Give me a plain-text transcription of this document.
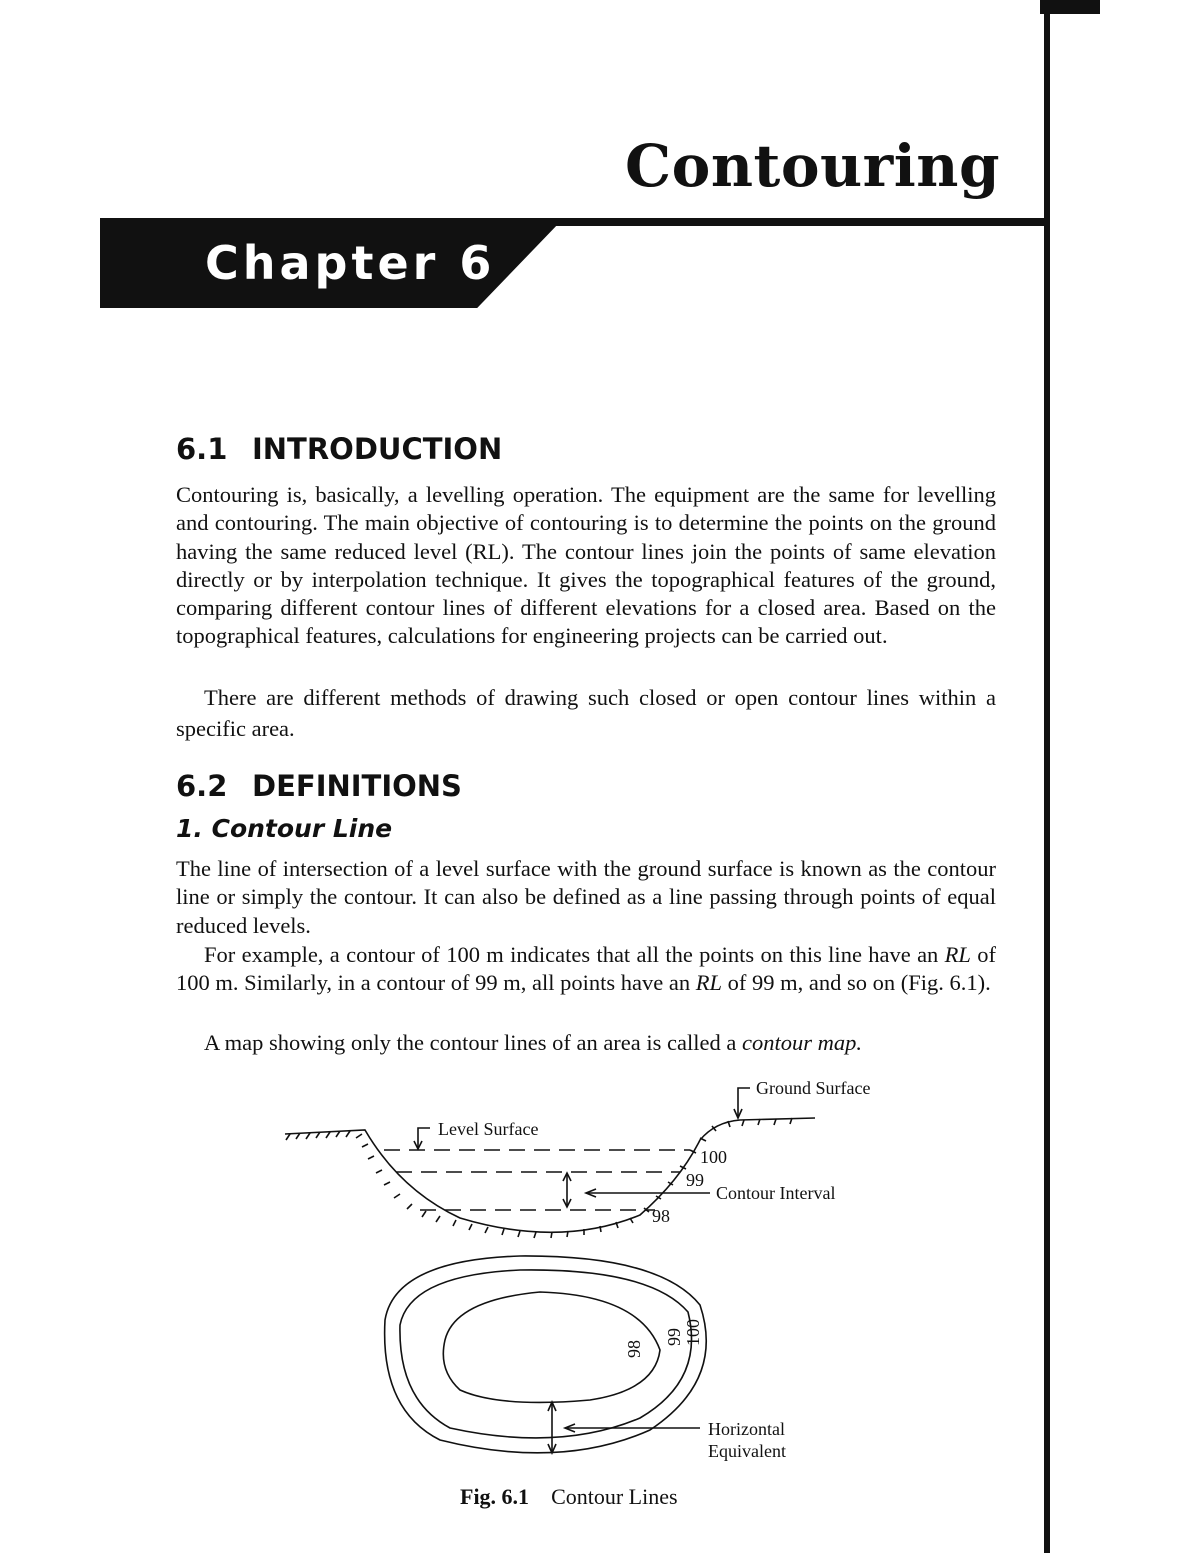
Contouring
Chapter 6
6.1 INTRODUCTION
Contouring is, basically, a levelling operation. The equipment are the same for levelling and contouring. The main objective of contouring is to determine the points on the ground having the same reduced level (RL). The contour lines join the points of same elevation directly or by interpolation technique. It gives the topographical features of the ground, comparing different contour lines of different elevations for a closed area. Based on the topographical features, calculations for engineering projects can be carried out.
There are different methods of drawing such closed or open contour lines within a specific area.
6.2 DEFINITIONS
1. Contour Line
The line of intersection of a level surface with the ground surface is known as the contour line or simply the contour. It can also be defined as a line passing through points of equal reduced levels.
For example, a contour of 100 m indicates that all the points on this line have an RL of 100 m. Similarly, in a contour of 99 m, all points have an RL of 99 m, and so on (Fig. 6.1).
A map showing only the contour lines of an area is called a contour map.
Ground Surface
Level Surface
100
99
98
Contour Interval
Horizontal
Equivalent
100
99
98
Fig. 6.1 Contour Lines
